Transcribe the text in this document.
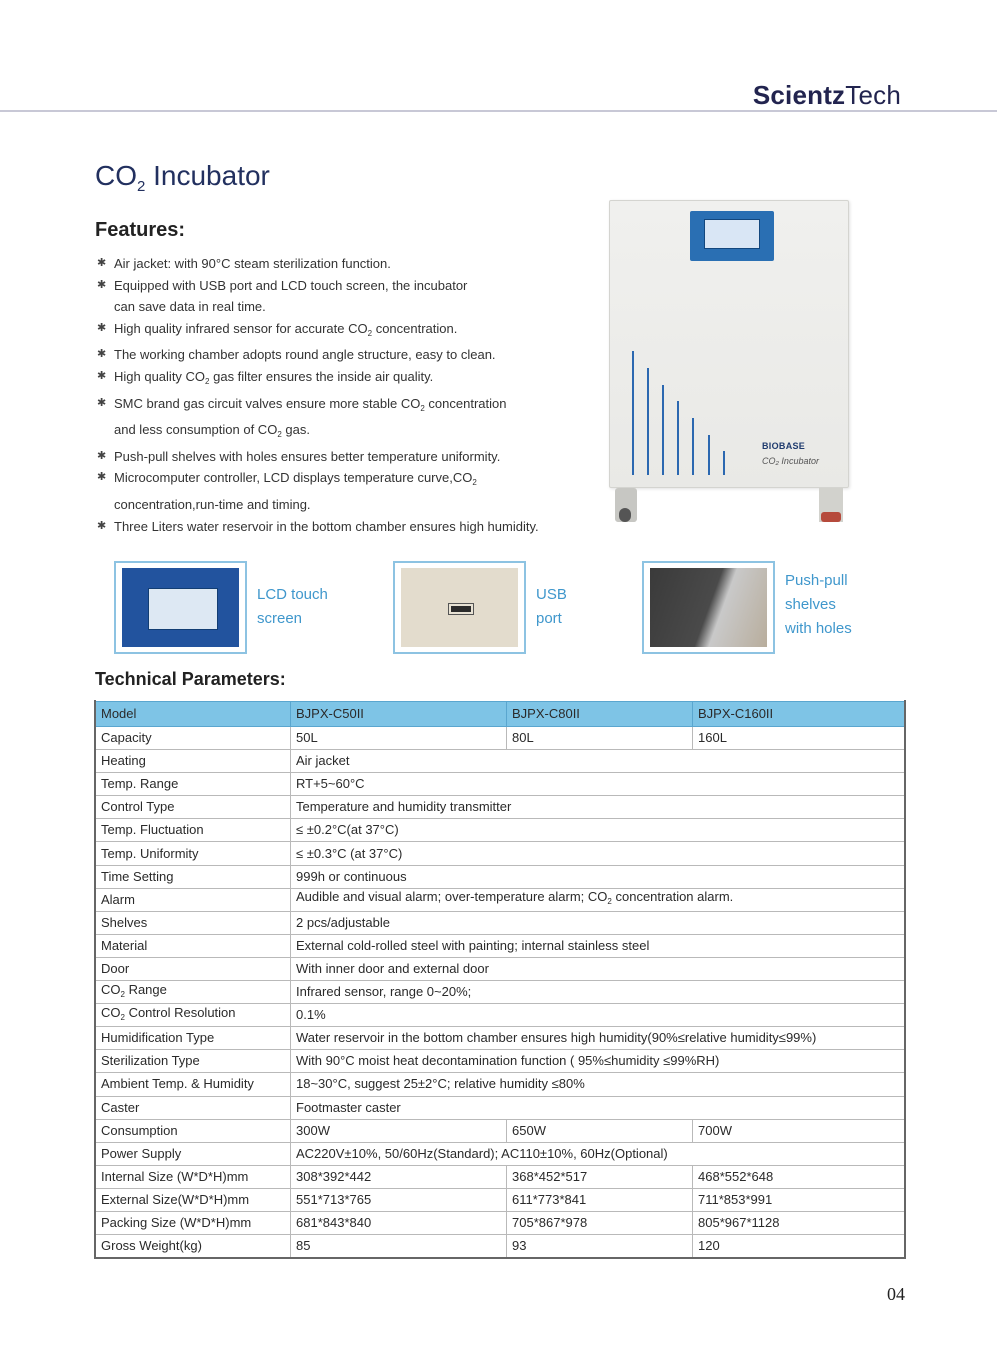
ScientzTech
$CO_2$ Incubator
Features:
✱ Air jacket: with 90°C steam sterilization function.
✱ Equipped with USB port and LCD touch screen, the incubator
can save data in real time.
✱ High quality infrared sensor for accurate $CO_2$ concentration.
✱ The working chamber adopts round angle structure, easy to clean.
✱ High quality $CO_2$ gas filter ensures the inside air quality.
✱ SMC brand gas circuit valves ensure more stable $CO_2$ concentration
and less consumption of $CO_2$ gas.
✱ Push-pull shelves with holes ensures better temperature uniformity.
✱ Microcomputer controller, LCD displays temperature $curve,CO_2$
concentration,run-time and timing.
✱ Three Liters water reservoir in the bottom chamber ensures high humidity.
BIOBASE
CO₂ Incubator
LCD touch
screen
USB
port
Push-pull
shelves
with holes
Technical Parameters:
Model	BJPX-C50II	BJPX-C80II	BJPX-C160II
Capacity	50L	80L	160L
Heating	Air jacket		
Temp. Range	RT+5~60°C		
Control Type	Temperature and humidity transmitter		
Temp. Fluctuation	≤ ±0.2°C(at 37°C)		
Temp. Uniformity	≤ ±0.3°C (at 37°C)		
Time Setting	999h or continuous		
Alarm	Audible and visual alarm; over-temperature alarm; $CO_2$ concentration alarm.		
Shelves	2 pcs/adjustable		
Material	External cold-rolled steel with painting; internal stainless steel		
Door	With inner door and external door		
$CO_2$ Range	Infrared sensor, range 0~20%;		
$CO_2$ Control Resolution	0.1%		
Humidification Type	Water reservoir in the bottom chamber ensures high humidity(90%≤relative humidity≤99%)		
Sterilization Type	With 90°C moist heat decontamination function ( 95%≤humidity ≤99%RH)		
Ambient Temp. & Humidity	18~30°C, suggest 25±2°C; relative humidity ≤80%		
Caster	Footmaster caster		
Consumption	300W	650W	700W
Power Supply	AC220V±10%, 50/60Hz(Standard); AC110±10%, 60Hz(Optional)		
Internal Size (W*D*H)mm	308*392*442	368*452*517	468*552*648
External Size(W*D*H)mm	551*713*765	611*773*841	711*853*991
Packing Size (W*D*H)mm	681*843*840	705*867*978	805*967*1128
Gross Weight(kg)	85	93	120
04
